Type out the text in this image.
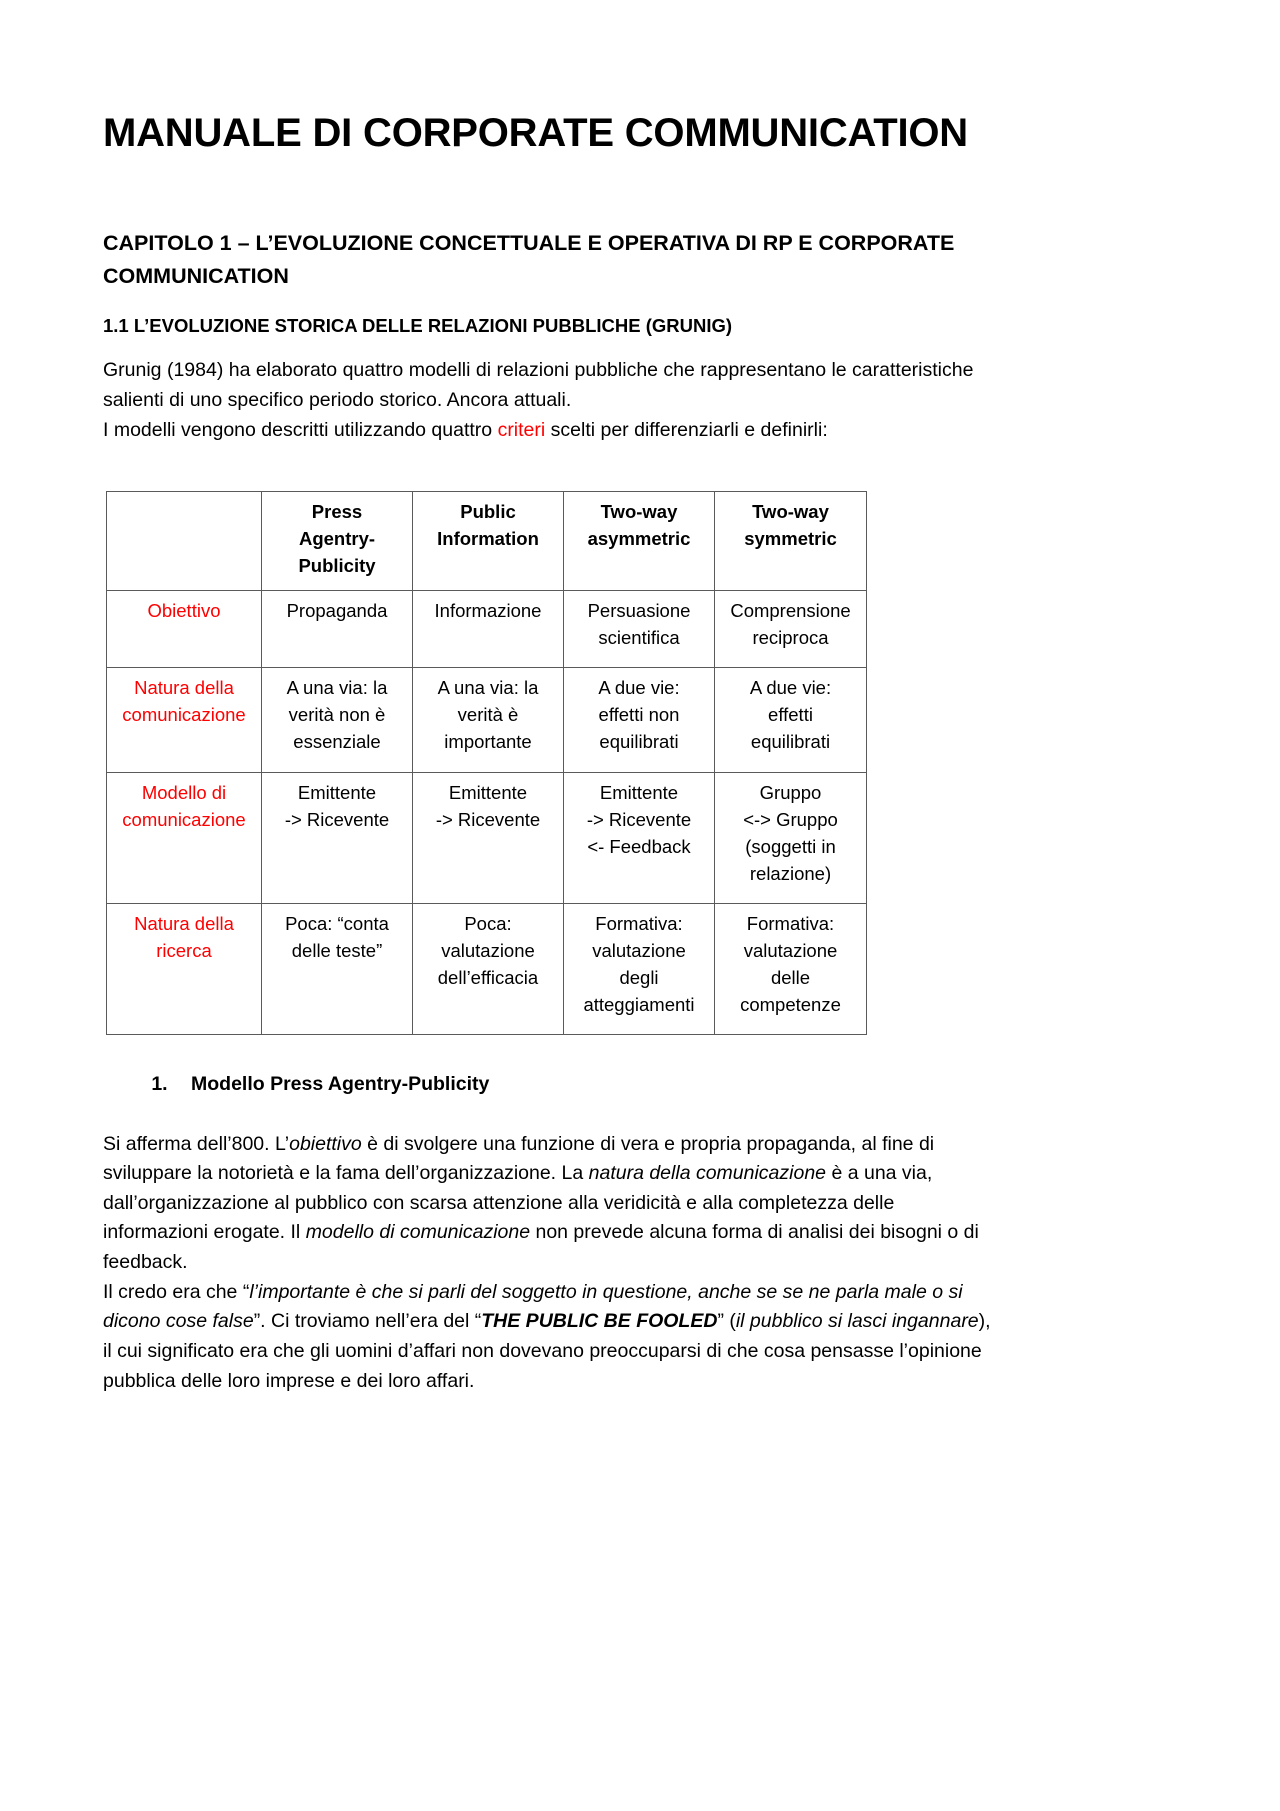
MANUALE DI CORPORATE COMMUNICATION
CAPITOLO 1 – L’EVOLUZIONE CONCETTUALE E OPERATIVA DI RP E CORPORATE COMMUNICATION
1.1 L’EVOLUZIONE STORICA DELLE RELAZIONI PUBBLICHE (GRUNIG)

Grunig (1984) ha elaborato quattro modelli di relazioni pubbliche che rappresentano le caratteristiche salienti di uno specifico periodo storico. Ancora attuali.

I modelli vengono descritti utilizzando quattro criteri scelti per differenziarli e definirli:

	Press
Agentry-
Publicity	Public
Information	Two-way
asymmetric	Two-way
symmetric

Obiettivo	Propaganda	Informazione	Persuasione
scientifica	Comprensione
reciproca

Natura della
comunicazione	A una via: la
verità non è
essenziale	A una via: la
verità è
importante	A due vie:
effetti non
equilibrati	A due vie:
effetti
equilibrati

Modello di
comunicazione	Emittente
-> Ricevente	Emittente
-> Ricevente	Emittente
-> Ricevente
<- Feedback	Gruppo
<-> Gruppo
(soggetti in
relazione)

Natura della
ricerca	Poca: “conta
delle teste”	Poca:
valutazione
dell’efficacia	Formativa:
valutazione
degli
atteggiamenti	Formativa:
valutazione
delle
competenze
1. Modello Press Agentry-Publicity

Si afferma dell’800. L’obiettivo è di svolgere una funzione di vera e propria propaganda, al fine di sviluppare la notorietà e la fama dell’organizzazione. La natura della comunicazione è a una via, dall’organizzazione al pubblico con scarsa attenzione alla veridicità e alla completezza delle informazioni erogate. Il modello di comunicazione non prevede alcuna forma di analisi dei bisogni o di feedback.

Il credo era che “l’importante è che si parli del soggetto in questione, anche se se ne parla male o si dicono cose false”. Ci troviamo nell’era del “THE PUBLIC BE FOOLED” (il pubblico si lasci ingannare), il cui significato era che gli uomini d’affari non dovevano preoccuparsi di che cosa pensasse l’opinione pubblica delle loro imprese e dei loro affari.
